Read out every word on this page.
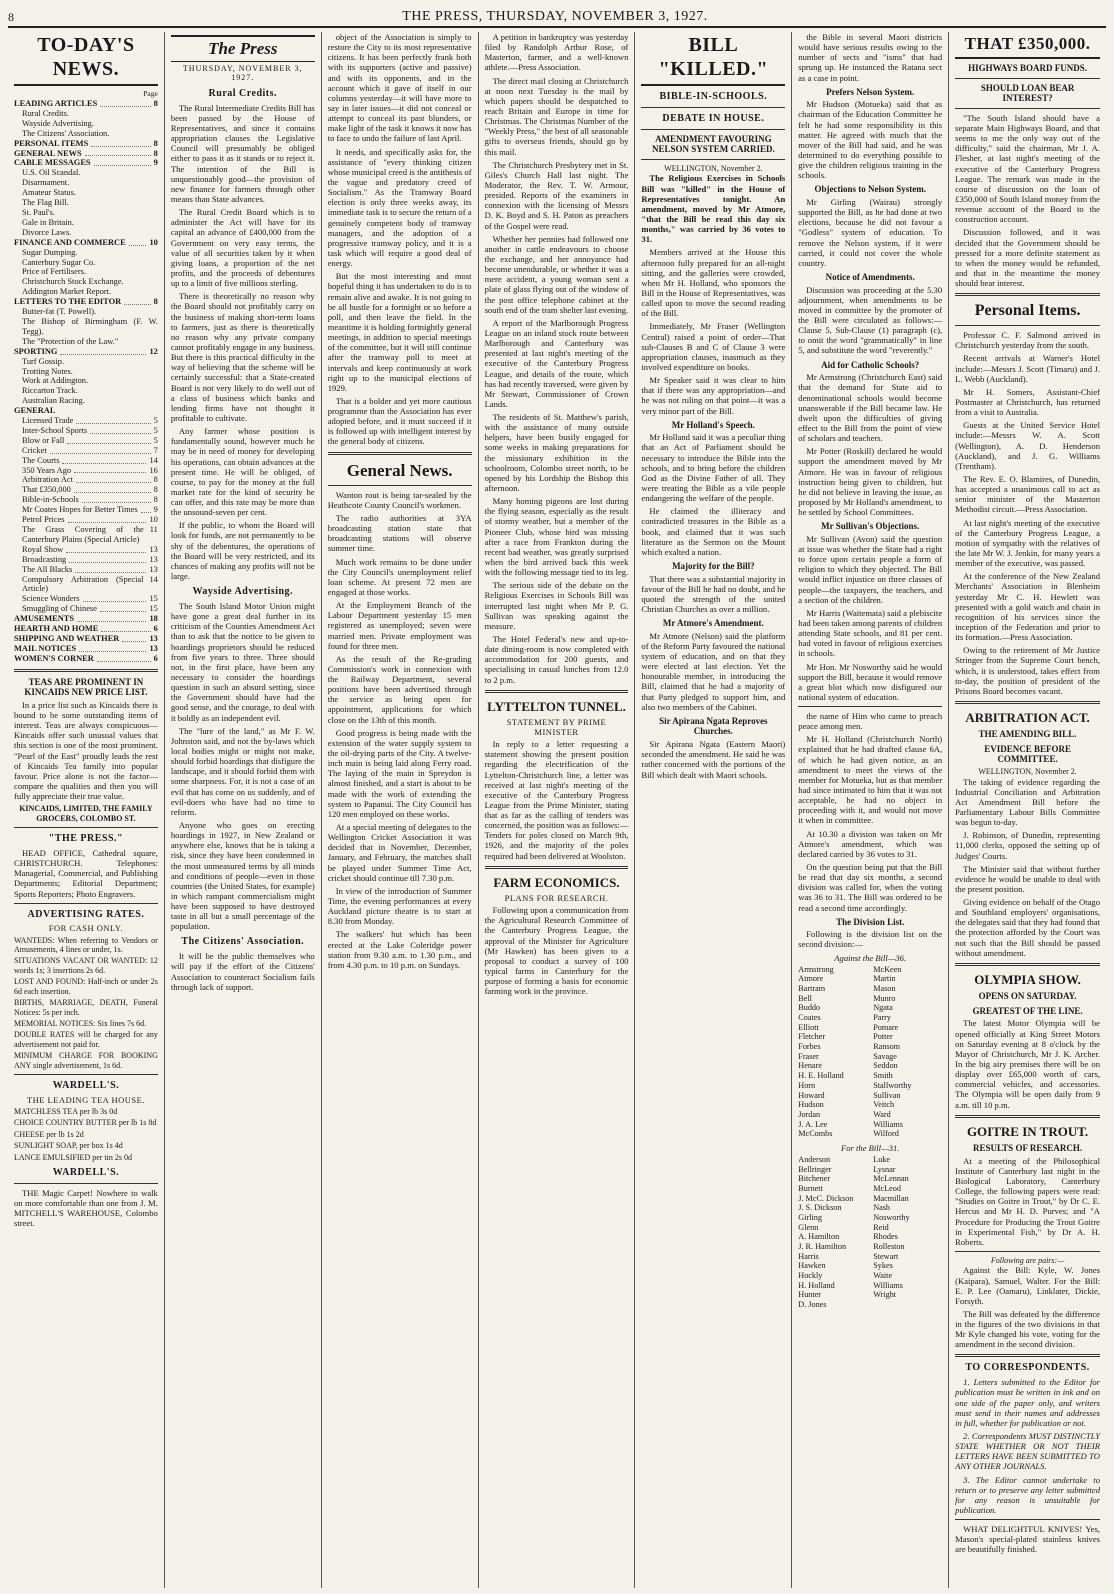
8	THE PRESS, THURSDAY, NOVEMBER 3, 1927.
TO-DAY'S NEWS.
Page
LEADING ARTICLES	8
Rural Credits.
Wayside Advertising.
The Citizens' Association.
PERSONAL ITEMS	8
GENERAL NEWS	8
CABLE MESSAGES	9
U.S. Oil Scandal.
Disarmament.
Amateur Status.
The Flag Bill.
St. Paul's.
Gale in Britain.
Divorce Laws.
FINANCE AND COMMERCE	10
Sugar Dumping.
Canterbury Sugar Co.
Price of Fertilisers.
Christchurch Stock Exchange.
Addington Market Report.
LETTERS TO THE EDITOR	8
Butter-fat (T. Powell).
The Bishop of Birmingham (F. W. Tegg).
The "Protection of the Law."
SPORTING	12
Turf Gossip.
Trotting Notes.
Work at Addington.
Riccarton Track.
Australian Racing.
GENERAL
Licensed Trade	5
Inter-School Sports	5
Blow or Fall	5
Cricket	7
The Courts	14
350 Years Ago	16
Arbitration Act	8
That £350,000	8
Bible-in-Schools	8
Mr Coates Hopes for Better Times 9
Petrol Prices	10
The Grass Covering of the Canterbury Plains (Special Article)
11
Royal Show	13
Broadcasting	13
The All Blacks	13
Compulsory Arbitration (Special Article)
14
Science Wonders	15
Smuggling of Chinese	15
AMUSEMENTS	18
HEARTH AND HOME	6
SHIPPING AND WEATHER	13
MAIL NOTICES	13
WOMEN'S CORNER	6
TEAS ARE PROMINENT IN KINCAIDS NEW PRICE LIST.

In a price list such as Kincaids there is bound to be some outstanding items of interest. Teas are always conspicuous—Kincaids offer such unusual values that this section is one of the most prominent. "Pearl of the East" proudly leads the rest of Kincaids Tea family into popular favour. Price alone is not the factor—compare the qualities and then you will fully appreciate their true value.

KINCAIDS, LIMITED, THE FAMILY GROCERS, COLOMBO ST.
"THE PRESS."

HEAD OFFICE, Cathedral square, CHRISTCHURCH. Telephones: Managerial, Commercial, and Publishing Departments; Editorial Department; Sports Reporters; Photo Engravers.

ADVERTISING RATES.
FOR CASH ONLY.
WANTEDS: When referring to Vendors or Amusements, 4 lines or under, 1s.
SITUATIONS VACANT OR WANTED: 12 words 1s; 3 insertions 2s 6d.
LOST AND FOUND: Half-inch or under 2s 6d each insertion.
BIRTHS, MARRIAGE, DEATH, Funeral Notices: 5s per inch.
MEMORIAL NOTICES: Six lines 7s 6d.
DOUBLE RATES will be charged for any advertisement not paid for.
MINIMUM CHARGE FOR BOOKING ANY single advertisement, 1s 6d.
WARDELL'S.
THE LEADING TEA HOUSE.
MATCHLESS TEA per lb 3s 0d
CHOICE COUNTRY BUTTER per lb 1s 8d
CHEESE per lb 1s 2d
SUNLIGHT SOAP, per box 1s 4d
LANCE EMULSIFIED per tin 2s 0d
WARDELL'S.

THE Magic Carpet! Nowhere to walk on more comfortable than one from J. M. MITCHELL'S WAREHOUSE, Colombo street.

The Press
THURSDAY, NOVEMBER 3, 1927.
Rural Credits.

The Rural Intermediate Credits Bill has been passed by the House of Representatives, and since it contains appropriation clauses the Legislative Council will presumably be obliged either to pass it as it stands or to reject it. The intention of the Bill is unquestionably good—the provision of new finance for farmers through other means than State advances.

The Rural Credit Board which is to administer the Act will have for its capital an advance of £400,000 from the Government on very easy terms, the value of all securities taken by it when giving loans, a proportion of the net profits, and the proceeds of debentures up to a limit of five millions sterling.

There is theoretically no reason why the Board should not profitably carry on the business of making short-term loans to farmers, just as there is theoretically no reason why any private company cannot profitably engage in any business. But there is this practical difficulty in the way of believing that the scheme will be certainly successful: that a State-created Board is not very likely to do well out of a class of business which banks and lending firms have not thought it profitable to cultivate.

Any farmer whose position is fundamentally sound, however much he may be in need of money for developing his operations, can obtain advances at the present time. He will be obliged, of course, to pay for the money at the full market rate for the kind of security he can offer, and this rate may be more than the unsound-seven per cent.

If the public, to whom the Board will look for funds, are not permanently to be shy of the debentures, the operations of the Board will be very restricted, and its chances of making any profits will not be large.

Wayside Advertising.

The South Island Motor Union might have gone a great deal further in its criticism of the Counties Amendment Act than to ask that the notice to be given to hoardings proprietors should be reduced from five years to three. Three should not, in the first place, have been any necessary to consider the hoardings question in such an absurd setting, since the Government should have had the good sense, and the courage, to deal with it boldly as an independent evil.

The "lure of the land," as Mr F. W. Johnston said, and not the by-laws which local bodies might or might not make, should forbid hoardings that disfigure the landscape, and it should forbid them with some sharpness. For, it is not a case of an evil that has come on us suddenly, and of evil-doers who have had no time to reform.

Anyone who goes on erecting hoardings in 1927, in New Zealand or anywhere else, knows that he is taking a risk, since they have been condemned in the most unmeasured terms by all minds and conditions of people—even in those countries (the United States, for example) in which rampant commercialism might have been supposed to have destroyed taste in all but a small percentage of the population.

The Citizens' Association.

It will be the public themselves who will pay if the effort of the Citizens' Association to counteract Socialism fails through lack of support.

object of the Association is simply to restore the City to its most representative citizens. It has been perfectly frank both with its supporters (active and passive) and with its opponents, and in the account which it gave of itself in our columns yesterday—it will have more to say in later issues—it did not conceal or attempt to conceal its past blunders, or make light of the task it knows it now has to face to undo the failure of last April.

It needs, and specifically asks for, the assistance of "every thinking citizen whose municipal creed is the antithesis of the vague and predatory creed of Socialism." As the Tramway Board election is only three weeks away, its immediate task is to secure the return of a genuinely competent body of tramway managers, and the adoption of a progressive tramway policy, and it is a task which will require a good deal of energy.

But the most interesting and most hopeful thing it has undertaken to do is to remain alive and awake. It is not going to be all bustle for a fortnight or so before a poll, and then leave the field. In the meantime it is holding fortnightly general meetings, in addition to special meetings of the committee, but it will still continue after the tramway poll to meet at intervals and keep continuously at work right up to the municipal elections of 1929.

That is a bolder and yet more cautious programme than the Association has ever adopted before, and it must succeed if it is followed up with intelligent interest by the general body of citizens.

General News.

Wanton rout is being tar-sealed by the Heathcote County Council's workmen.

The radio authorities at 3YA broadcasting station state that broadcasting stations will observe summer time.

Much work remains to be done under the City Council's unemployment relief loan scheme. At present 72 men are engaged at those works.

At the Employment Branch of the Labour Department yesterday 15 men registered as unemployed; seven were married men. Private employment was found for three men.

As the result of the Re-grading Commission's work in connexion with the Railway Department, several positions have been advertised through the service as being open for appointment, applications for which close on the 13th of this month.

Good progress is being made with the extension of the water supply system to the oil-drying parts of the City. A twelve-inch main is being laid along Ferry road. The laying of the main in Spreydon is almost finished, and a start is about to be made with the work of extending the system to Papanui. The City Council has 120 men employed on these works.

At a special meeting of delegates to the Wellington Cricket Association it was decided that in November, December, January, and February, the matches shall be played under Summer Time Act, cricket should continue till 7.30 p.m.

In view of the introduction of Summer Time, the evening performances at every Auckland picture theatre is to start at 8.30 from Monday.

The walkers' hut which has been erected at the Lake Coleridge power station from 9.30 a.m. to 1.30 p.m., and from 4.30 p.m. to 10 p.m. on Sundays.

A petition in bankruptcy was yesterday filed by Randolph Arthur Rose, of Masterton, farmer, and a well-known athlete.—Press Association.

The direct mail closing at Christchurch at noon next Tuesday is the mail by which papers should be despatched to reach Britain and Europe in time for Christmas. The Christmas Number of the "Weekly Press," the best of all seasonable gifts to overseas friends, should go by this mail.

The Christchurch Presbytery met in St. Giles's Church Hall last night. The Moderator, the Rev. T. W. Armour, presided. Reports of the examiners in connexion with the licensing of Messrs D. K. Boyd and S. H. Paton as preachers of the Gospel were read.

Whether her pennies had followed one another in cattle endeavours to choose the exchange, and her annoyance had become unendurable, or whether it was a mere accident, a young woman sent a plate of glass flying out of the window of the post office telephone cabinet at the south end of the tram shelter last evening.

A report of the Marlborough Progress League on an inland stock route between Marlborough and Canterbury was presented at last night's meeting of the executive of the Canterbury Progress League, and details of the route, which has had recently traversed, were given by Mr Stewart, Commissioner of Crown Lands.

The residents of St. Matthew's parish, with the assistance of many outside helpers, have been busily engaged for some weeks in making preparations for the missionary exhibition in the schoolroom, Colombo street north, to be opened by his Lordship the Bishop this afternoon.

Many homing pigeons are lost during the flying season, especially as the result of stormy weather, but a member of the Pioneer Club, whose bird was missing after a race from Frankton during the recent bad weather, was greatly surprised when the bird arrived back this week with the following message tied to its leg.

The serious side of the debate on the Religious Exercises in Schools Bill was interrupted last night when Mr P. G. Sullivan was speaking against the measure.

The Hotel Federal's new and up-to-date dining-room is now completed with accommodation for 200 guests, and specialising in casual lunches from 12.0 to 2 p.m.

LYTTELTON TUNNEL.
STATEMENT BY PRIME MINISTER

In reply to a letter requesting a statement showing the present position regarding the electrification of the Lyttelton-Christchurch line, a letter was received at last night's meeting of the executive of the Canterbury Progress League from the Prime Minister, stating that as far as the calling of tenders was concerned, the position was as follows:—Tenders for poles closed on March 9th, 1926, and the majority of the poles required had been delivered at Woolston.

FARM ECONOMICS.
PLANS FOR RESEARCH.

Following upon a communication from the Agricultural Research Committee of the Canterbury Progress League, the approval of the Minister for Agriculture (Mr Hawken) has been given to a proposal to conduct a survey of 100 typical farms in Canterbury for the purpose of forming a basis for economic farming work in the province.

BILL "KILLED."
BIBLE-IN-SCHOOLS.
DEBATE IN HOUSE.
AMENDMENT FAVOURING NELSON SYSTEM CARRIED.
WELLINGTON, November 2.

The Religious Exercises in Schools Bill was "killed" in the House of Representatives tonight. An amendment, moved by Mr Atmore, "that the Bill be read this day six months," was carried by 36 votes to 31.

Members arrived at the House this afternoon fully prepared for an all-night sitting, and the galleries were crowded, when Mr H. Holland, who sponsors the Bill in the House of Representatives, was called upon to move the second reading of the Bill.

Immediately, Mr Fraser (Wellington Central) raised a point of order—That sub-Clauses B and C of Clause 3 were appropriation clauses, inasmuch as they involved expenditure on books.

Mr Speaker said it was clear to him that if there was any appropriation—and he was not ruling on that point—it was a very minor part of the Bill.

Mr Holland's Speech.

Mr Holland said it was a peculiar thing that an Act of Parliament should be necessary to introduce the Bible into the schools, and to bring before the children God as the Divine Father of all. They were treating the Bible as a vile people endangering the welfare of the people.

He claimed the illiteracy and contradicted treasures in the Bible as a book, and claimed that it was such literature as the Sermon on the Mount which exalted a nation.

Majority for the Bill?

That there was a substantial majority in favour of the Bill he had no doubt, and he quoted the strength of the united Christian Churches as over a million.

Mr Atmore's Amendment.

Mr Atmore (Nelson) said the platform of the Reform Party favoured the national system of education, and on that they were elected at last election. Yet the honourable member, in introducing the Bill, claimed that he had a majority of that Party pledged to support him, and also two members of the Cabinet.

Sir Apirana Ngata Reproves Churches.

Sir Apirana Ngata (Eastern Maori) seconded the amendment. He said he was rather concerned with the portions of the Bill which dealt with Maori schools.

the Bible in several Maori districts would have serious results owing to the number of sects and "isms" that had sprung up. He instanced the Ratana sect as a case in point.

Prefers Nelson System.

Mr Hudson (Motueka) said that as chairman of the Education Committee he felt he had some responsibility in this matter. He agreed with much that the mover of the Bill had said, and he was determined to do everything possible to give the children religious training in the schools.

Objections to Nelson System.

Mr Girling (Wairau) strongly supported the Bill, as he had done at two elections, because he did not favour a "Godless" system of education. To remove the Nelson system, if it were carried, it could not cover the whole country.

Notice of Amendments.

Discussion was proceeding at the 5.30 adjournment, when amendments to be moved in committee by the promoter of the Bill were circulated as follows:—Clause 5, Sub-Clause (1) paragraph (c), to omit the word "grammatically" in line 5, and substitute the word "reverently."

Aid for Catholic Schools?

Mr Armstrong (Christchurch East) said that the demand for State aid to denominational schools would become unanswerable if the Bill became law. He dwelt upon the difficulties of giving effect to the Bill from the point of view of scholars and teachers.

Mr Potter (Roskill) declared he would support the amendment moved by Mr Atmore. He was in favour of religious instruction being given to children, but he did not believe in leaving the issue, as proposed by Mr Holland's amendment, to be settled by School Committees.

Mr Sullivan's Objections.

Mr Sullivan (Avon) said the question at issue was whether the State had a right to force upon certain people a form of religion to which they objected. The Bill would inflict injustice on three classes of people—the taxpayers, the teachers, and a section of the children.

Mr Harris (Waitemata) said a plebiscite had been taken among parents of children attending State schools, and 81 per cent. had voted in favour of religious exercises in schools.

Mr Hon. Mr Nosworthy said he would support the Bill, because it would remove a great blot which now disfigured our national system of education.

the name of Him who came to preach peace among men.

Mr H. Holland (Christchurch North) explained that he had drafted clause 6A, of which he had given notice, as an amendment to meet the views of the member for Motueka, but as that member had since intimated to him that it was not acceptable, he had no object in proceeding with it, and would not move it when in committee.

At 10.30 a division was taken on Mr Atmore's amendment, which was declared carried by 36 votes to 31.

On the question being put that the Bill be read that day six months, a second division was called for, when the voting was 36 to 31. The Bill was ordered to be read a second time accordingly.

The Division List.

Following is the division list on the second division:—

Against the Bill—36.
Armstrong
Atmore
Bartram
Bell
Buddo
Coates
Elliott
Fletcher
Forbes
Fraser
Henare
H. E. Holland
Horn
Howard
Hudson
Jordan
J. A. Lee
McCombs
McKeen
Martin
Mason
Munro
Ngata
Parry
Pomare
Potter
Ransom
Savage
Seddon
Smith
Stallworthy
Sullivan
Veitch
Ward
Williams
Wilford
For the Bill—31.
Anderson
Bellringer
Bitchener
Burnett
J. McC. Dickson
J. S. Dickson
Girling
Glenn
A. Hamilton
J. R. Hamilton
Harris
Hawken
Hockly
H. Holland
Hunter
D. Jones
Luke
Lysnar
McLennan
McLeod
Macmillan
Nash
Nosworthy
Reid
Rhodes
Rolleston
Stewart
Sykes
Waite
Williams
Wright
THAT £350,000.
HIGHWAYS BOARD FUNDS.
SHOULD LOAN BEAR INTEREST?

"The South Island should have a separate Main Highways Board, and that seems to me the only way out of the difficulty," said the chairman, Mr J. A. Flesher, at last night's meeting of the executive of the Canterbury Progress League. The remark was made in the course of discussion on the loan of £350,000 of South Island money from the revenue account of the Board to the construction account.

Discussion followed, and it was decided that the Government should be pressed for a more definite statement as to when the money would be refunded, and that in the meantime the money should bear interest.

Personal Items.

Professor C. F. Salmond arrived in Christchurch yesterday from the south.

Recent arrivals at Warner's Hotel include:—Messrs J. Scott (Timaru) and J. L. Webb (Auckland).

Mr H. Somers, Assistant-Chief Postmaster at Christchurch, has returned from a visit to Australia.

Guests at the United Service Hotel include:—Messrs W. A. Scott (Wellington), A. D. Henderson (Auckland), and J. G. Williams (Trentham).

The Rev. E. O. Blamires, of Dunedin, has accepted a unanimous call to act as senior minister of the Masterton Methodist circuit.—Press Association.

At last night's meeting of the executive of the Canterbury Progress League, a motion of sympathy with the relatives of the late Mr W. J. Jenkin, for many years a member of the executive, was passed.

At the conference of the New Zealand Merchants' Association in Blenheim yesterday Mr C. H. Hewlett was presented with a gold watch and chain in recognition of his services since the inception of the Federation and prior to its formation.—Press Association.

Owing to the retirement of Mr Justice Stringer from the Supreme Court bench, which, it is understood, takes effect from to-day, the position of president of the Prisons Board becomes vacant.

ARBITRATION ACT.
THE AMENDING BILL.
EVIDENCE BEFORE COMMITTEE.
WELLINGTON, November 2.

The taking of evidence regarding the Industrial Conciliation and Arbitration Act Amendment Bill before the Parliamentary Labour Bills Committee was begun to-day.

J. Robinson, of Dunedin, representing 11,000 clerks, opposed the setting up of Judges' Courts.

The Minister said that without further evidence he would be unable to deal with the present position.

Giving evidence on behalf of the Otago and Southland employers' organisations, the delegates said that they had found that the protection afforded by the Court was not such that the Bill should be passed without amendment.

OLYMPIA SHOW.
OPENS ON SATURDAY.
GREATEST OF THE LINE.

The latest Motor Olympia will be opened officially at King Street Motors on Saturday evening at 8 o'clock by the Mayor of Christchurch, Mr J. K. Archer. In the big airy premises there will be on display over £65,000 worth of cars, commercial vehicles, and accessories. The Olympia will be open daily from 9 a.m. till 10 p.m.

GOITRE IN TROUT.
RESULTS OF RESEARCH.

At a meeting of the Philosophical Institute of Canterbury last night in the Biological Laboratory, Canterbury College, the following papers were read: "Studies on Goitre in Trout," by Dr C. E. Hercus and Mr H. D. Purves; and "A Procedure for Producing the Trout Goitre in Experimental Fish," by Dr A. H. Roberts.

Following are pairs:—

Against the Bill: Kyle, W. Jones (Kaipara), Samuel, Walter. For the Bill: E. P. Lee (Oamaru), Linklater, Dickie, Forsyth.

The Bill was defeated by the difference in the figures of the two divisions in that Mr Kyle changed his vote, voting for the amendment in the second division.

TO CORRESPONDENTS.

1. Letters submitted to the Editor for publication must be written in ink and on one side of the paper only, and writers must send in their names and addresses in full, whether for publication or not.

2. Correspondents MUST DISTINCTLY STATE WHETHER OR NOT THEIR LETTERS HAVE BEEN SUBMITTED TO ANY OTHER JOURNALS.

3. The Editor cannot undertake to return or to preserve any letter submitted for any reason is unsuitable for publication.

WHAT DELIGHTFUL KNIVES! Yes, Mason's special-plated stainless knives are beautifully finished.
